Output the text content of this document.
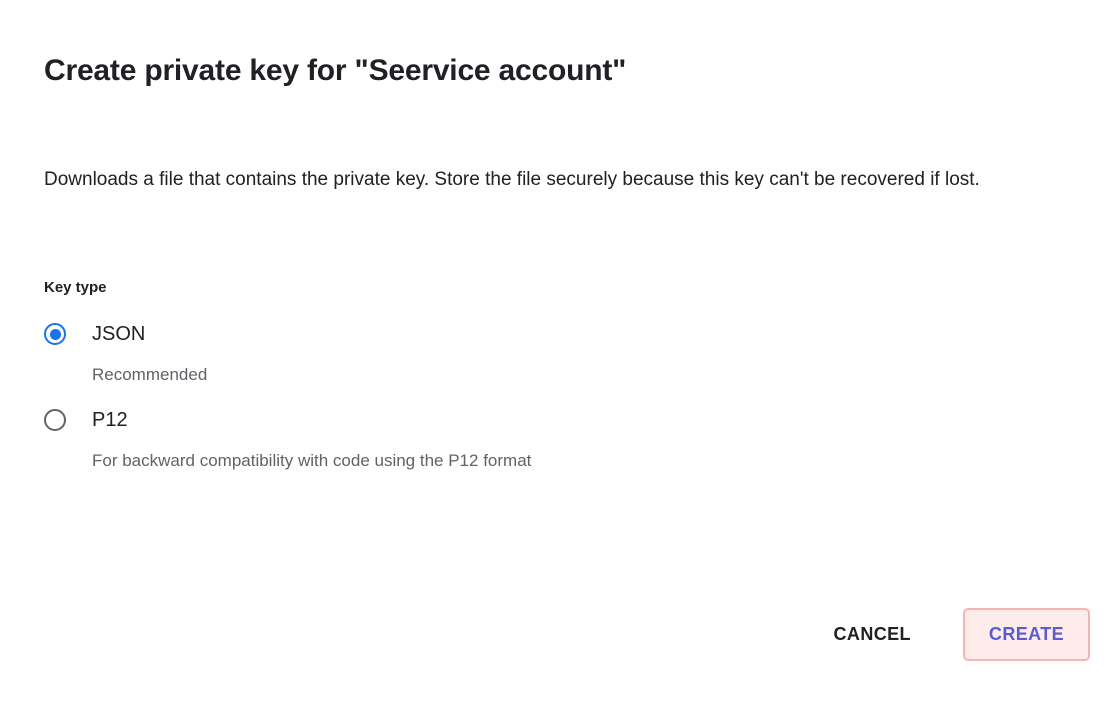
Create private key for "Seervice account"
Downloads a file that contains the private key. Store the file securely because this key can't be recovered if lost.
Key type
JSON
Recommended
P12
For backward compatibility with code using the P12 format
CANCEL	CREATE
